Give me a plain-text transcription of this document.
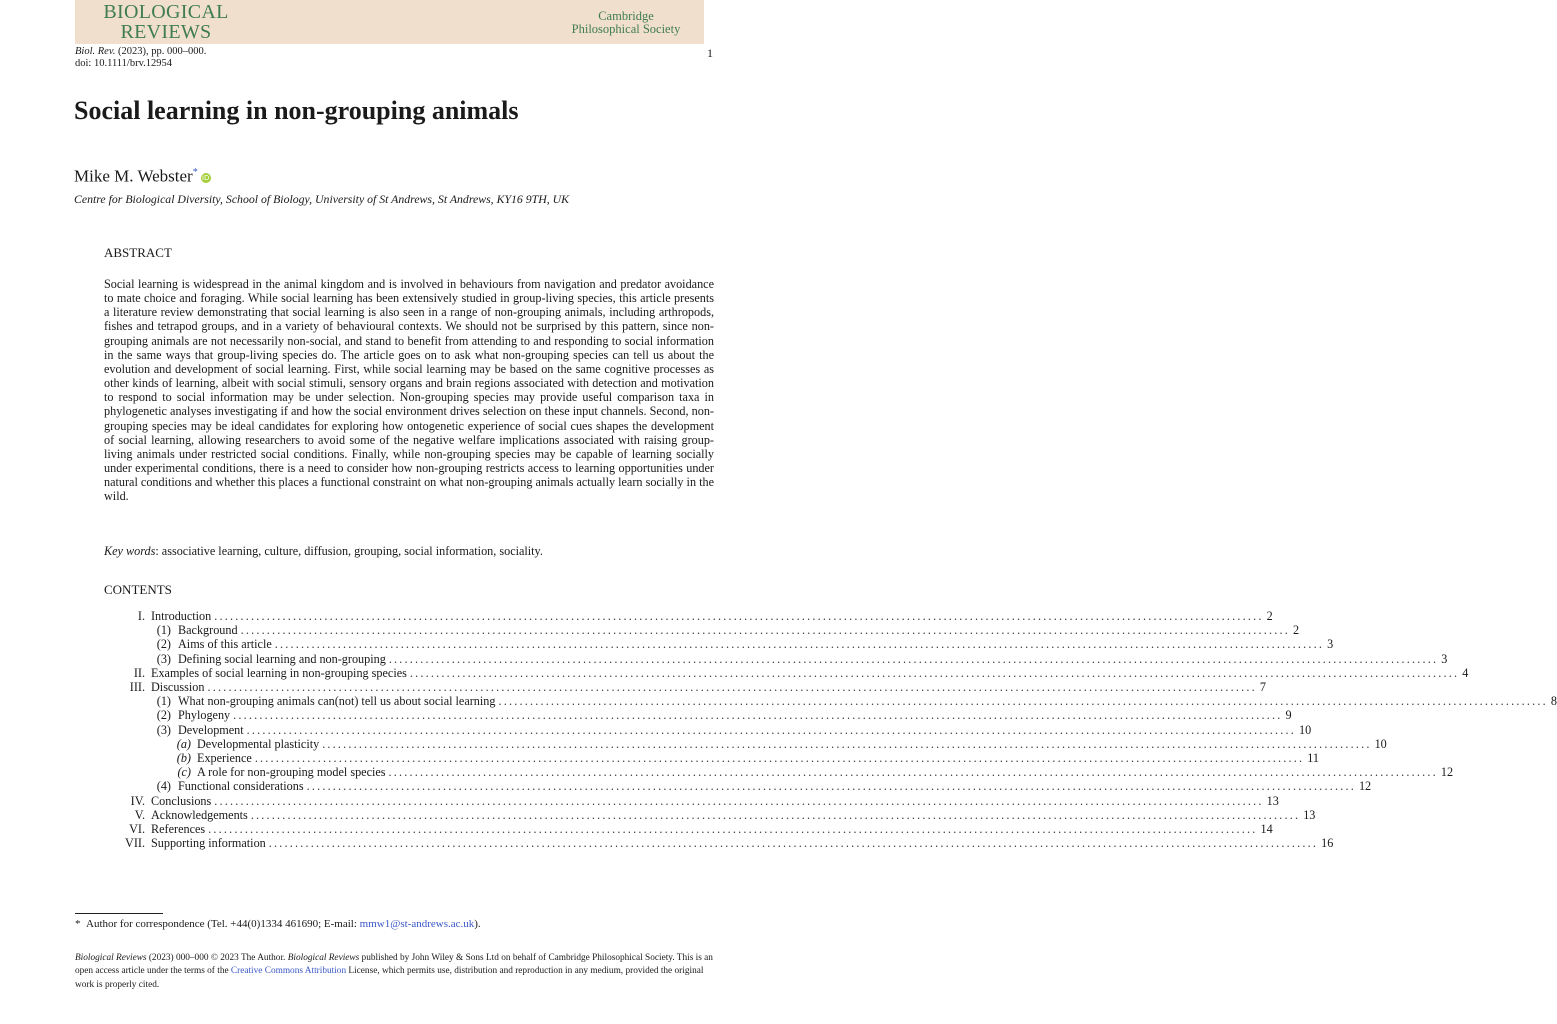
BIOLOGICAL
REVIEWS
Cambridge
Philosophical Society
Biol. Rev. (2023), pp. 000–000.
doi: 10.1111/brv.12954
1
Social learning in non-grouping animals
Mike M. Webster* iD
Centre for Biological Diversity, School of Biology, University of St Andrews, St Andrews, KY16 9TH, UK
ABSTRACT

Social learning is widespread in the animal kingdom and is involved in behaviours from navigation and predator avoidance to mate choice and foraging. While social learning has been extensively studied in group-living species, this article presents a literature review demonstrating that social learning is also seen in a range of non-grouping animals, including arthropods, fishes and tetrapod groups, and in a variety of behavioural contexts. We should not be surprised by this pattern, since non-grouping animals are not necessarily non-social, and stand to benefit from attending to and responding to social information in the same ways that group-living species do. The article goes on to ask what non-grouping species can tell us about the evolution and development of social learning. First, while social learning may be based on the same cognitive processes as other kinds of learning, albeit with social stimuli, sensory organs and brain regions associated with detection and motivation to respond to social information may be under selection. Non-grouping species may provide useful comparison taxa in phylogenetic analyses investigating if and how the social environment drives selection on these input channels. Second, non-grouping species may be ideal candidates for exploring how ontogenetic experience of social cues shapes the development of social learning, allowing researchers to avoid some of the negative welfare implications associated with raising group-living animals under restricted social conditions. Finally, while non-grouping species may be capable of learning socially under experimental conditions, there is a need to consider how non-grouping restricts access to learning opportunities under natural conditions and whether this places a functional constraint on what non-grouping animals actually learn socially in the wild.

Key words: associative learning, culture, diffusion, grouping, social information, sociality.
CONTENTS
I. Introduction ........................................................................................................................................................................................................ 2
(1) Background ........................................................................................................................................................................................................ 2
(2) Aims of this article ........................................................................................................................................................................................................ 3
(3) Defining social learning and non-grouping ........................................................................................................................................................................................................ 3
II. Examples of social learning in non-grouping species ........................................................................................................................................................................................................ 4
III. Discussion ........................................................................................................................................................................................................ 7
(1) What non-grouping animals can(not) tell us about social learning ........................................................................................................................................................................................................ 8
(2) Phylogeny ........................................................................................................................................................................................................ 9
(3) Development ........................................................................................................................................................................................................ 10
(a) Developmental plasticity ........................................................................................................................................................................................................ 10
(b) Experience ........................................................................................................................................................................................................ 11
(c) A role for non-grouping model species ........................................................................................................................................................................................................ 12
(4) Functional considerations ........................................................................................................................................................................................................ 12
IV. Conclusions ........................................................................................................................................................................................................ 13
V. Acknowledgements ........................................................................................................................................................................................................ 13
VI. References ........................................................................................................................................................................................................ 14
VII. Supporting information ........................................................................................................................................................................................................ 16
* Author for correspondence (Tel. +44(0)1334 461690; E-mail: mmw1@st-andrews.ac.uk).
Biological Reviews (2023) 000–000 © 2023 The Author. Biological Reviews published by John Wiley & Sons Ltd on behalf of Cambridge Philosophical Society. This is an open access article under the terms of the Creative Commons Attribution License, which permits use, distribution and reproduction in any medium, provided the original work is properly cited.
